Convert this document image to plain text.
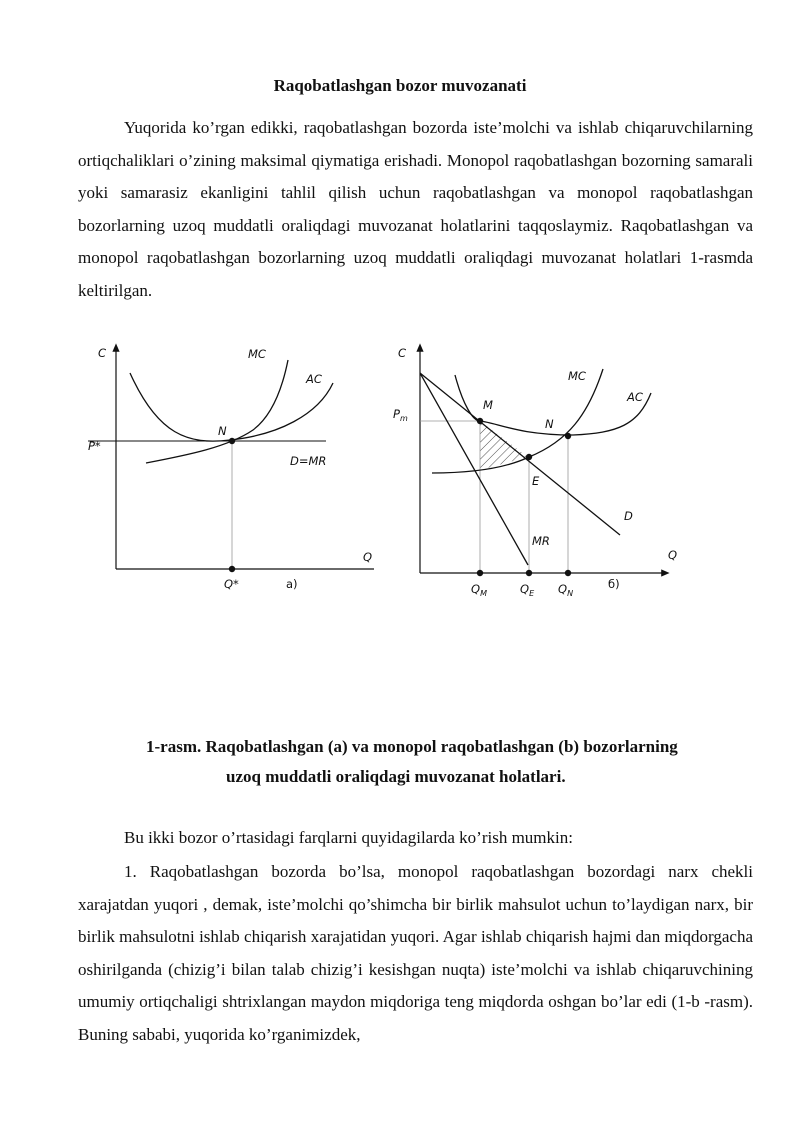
Raqobatlashgan bozor muvozanati
Yuqorida ko’rgan edikki, raqobatlashgan bozorda iste’molchi va ishlab chiqaruvchilarning ortiqchaliklari o’zining maksimal qiymatiga erishadi. Monopol raqobatlashgan bozorning samarali yoki samarasiz ekanligini tahlil qilish uchun raqobatlashgan va monopol raqobatlashgan bozorlarning uzoq muddatli oraliqdagi muvozanat holatlarini taqqoslaymiz. Raqobatlashgan va monopol raqobatlashgan bozorlarning uzoq muddatli oraliqdagi muvozanat holatlari 1-rasmda keltirilgan.
C
Q
MC
AC
N
P*
D=MR
Q*	a)
C
Q
MC
AC
M
N
E
D
MR
$P_m$
$Q_M$	$Q_E$ $Q_N$
б)
1-rasm. Raqobatlashgan (a) va monopol raqobatlashgan (b) bozorlarning
uzoq muddatli oraliqdagi muvozanat holatlari.
Bu ikki bozor o’rtasidagi farqlarni quyidagilarda ko’rish mumkin:
1. Raqobatlashgan bozorda bo’lsa, monopol raqobatlashgan bozordagi narx chekli xarajatdan yuqori , demak, iste’molchi qo’shimcha bir birlik mahsulot uchun to’laydigan narx, bir birlik mahsulotni ishlab chiqarish xarajatidan yuqori. Agar ishlab chiqarish hajmi dan miqdorgacha oshirilganda (chizig’i bilan talab chizig’i kesishgan nuqta) iste’molchi va ishlab chiqaruvchining umumiy ortiqchaligi shtrixlangan maydon miqdoriga teng miqdorda oshgan bo’lar edi (1-b -rasm). Buning sababi, yuqorida ko’rganimizdek,
